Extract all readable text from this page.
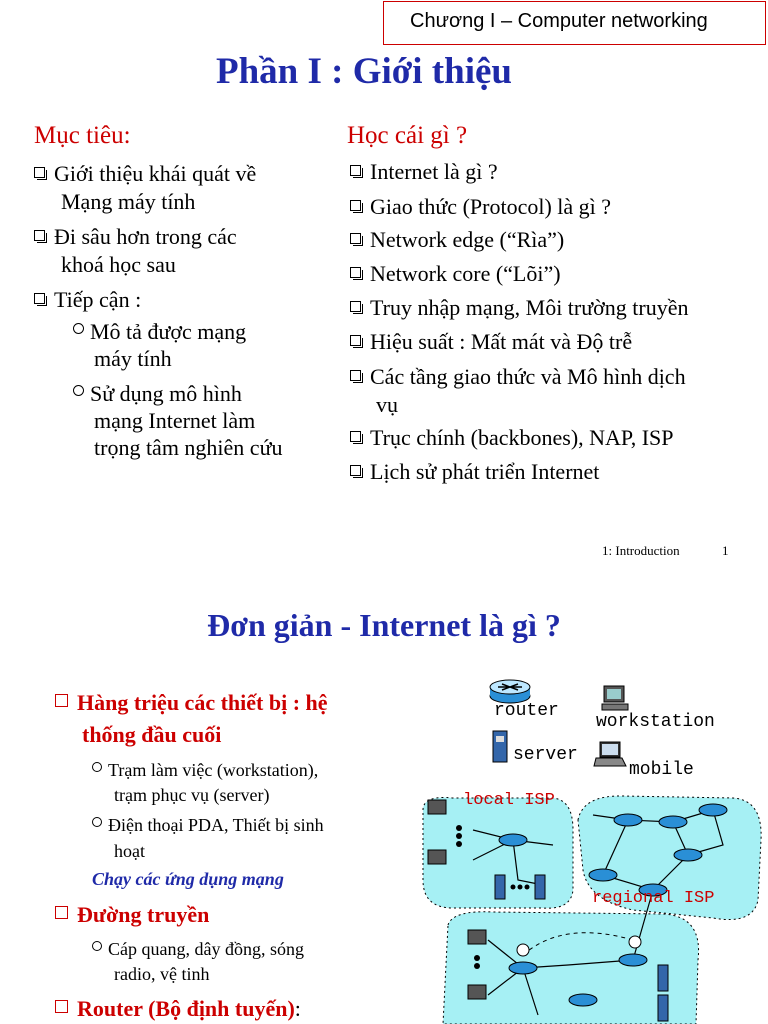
Chương I – Computer networking
Phần I : Giới thiệu
Mục tiêu:
Giới thiệu khái quát về
Mạng máy tính
Đi sâu hơn trong các
khoá học sau
Tiếp cận :
Mô tả được mạng
máy tính
Sử dụng mô hình
mạng Internet làm
trọng tâm nghiên cứu
Học cái gì ?
Internet là gì ?
Giao thức (Protocol) là gì ?
Network edge (“Rìa”)
Network core (“Lõi”)
Truy nhập mạng, Môi trường truyền
Hiệu suất : Mất mát và Độ trễ
Các tầng giao thức và Mô hình dịch
vụ
Trục chính (backbones), NAP, ISP
Lịch sử phát triển Internet
1: Introduction	1
Đơn giản - Internet là gì ?
Hàng triệu các thiết bị : hệ
thống đầu cuối
Trạm làm việc (workstation),
trạm phục vụ (server)
Điện thoại PDA, Thiết bị sinh
hoạt
Chạy các ứng dụng mạng
Đường truyền
Cáp quang, dây đồng, sóng
radio, vệ tinh
Router (Bộ định tuyến):
router
workstation
server
mobile
local ISP
regional ISP
